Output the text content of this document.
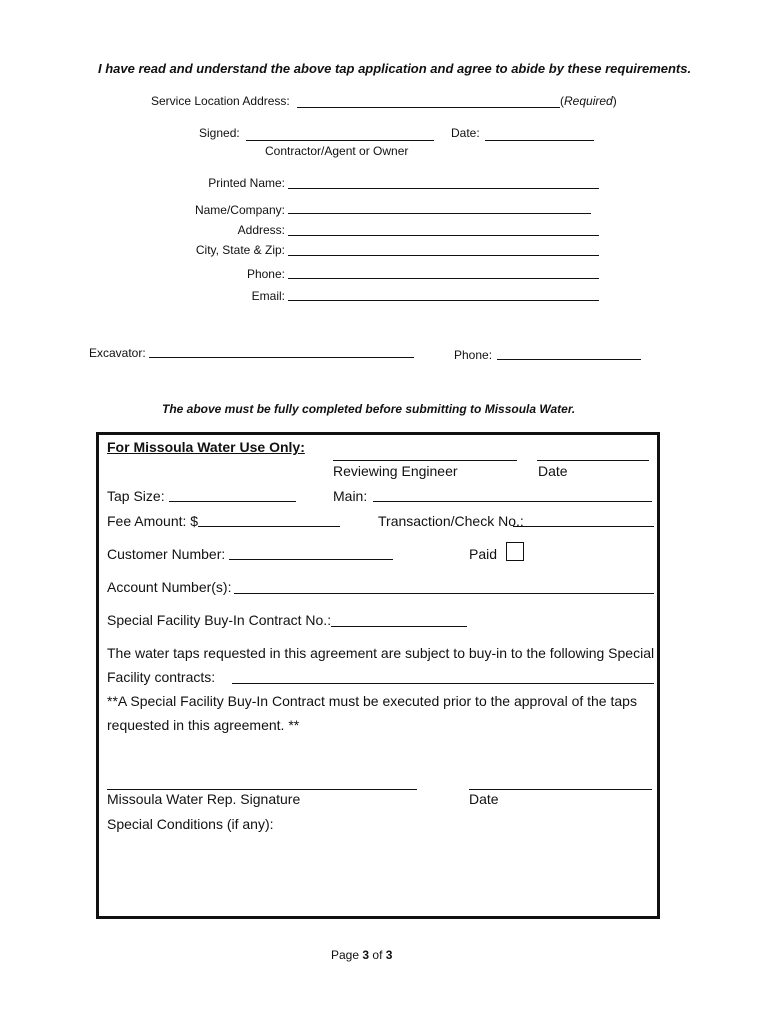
I have read and understand the above tap application and agree to abide by these requirements.
Service Location Address:	(Required)
Signed:
Contractor/Agent or Owner
Date:
Printed Name:
Name/Company:
Address:
City, State & Zip:
Phone:
Email:
Excavator:	Phone:
The above must be fully completed before submitting to Missoula Water.
For Missoula Water Use Only:
Reviewing Engineer	Date
Tap Size:	Main:
Fee Amount: $	Transaction/Check No.:
Customer Number:	Paid
Account Number(s):
Special Facility Buy-In Contract No.:
The water taps requested in this agreement are subject to buy-in to the following Special
Facility contracts:
**A Special Facility Buy-In Contract must be executed prior to the approval of the taps
requested in this agreement. **
Missoula Water Rep. Signature	Date
Special Conditions (if any):
Page 3 of 3
